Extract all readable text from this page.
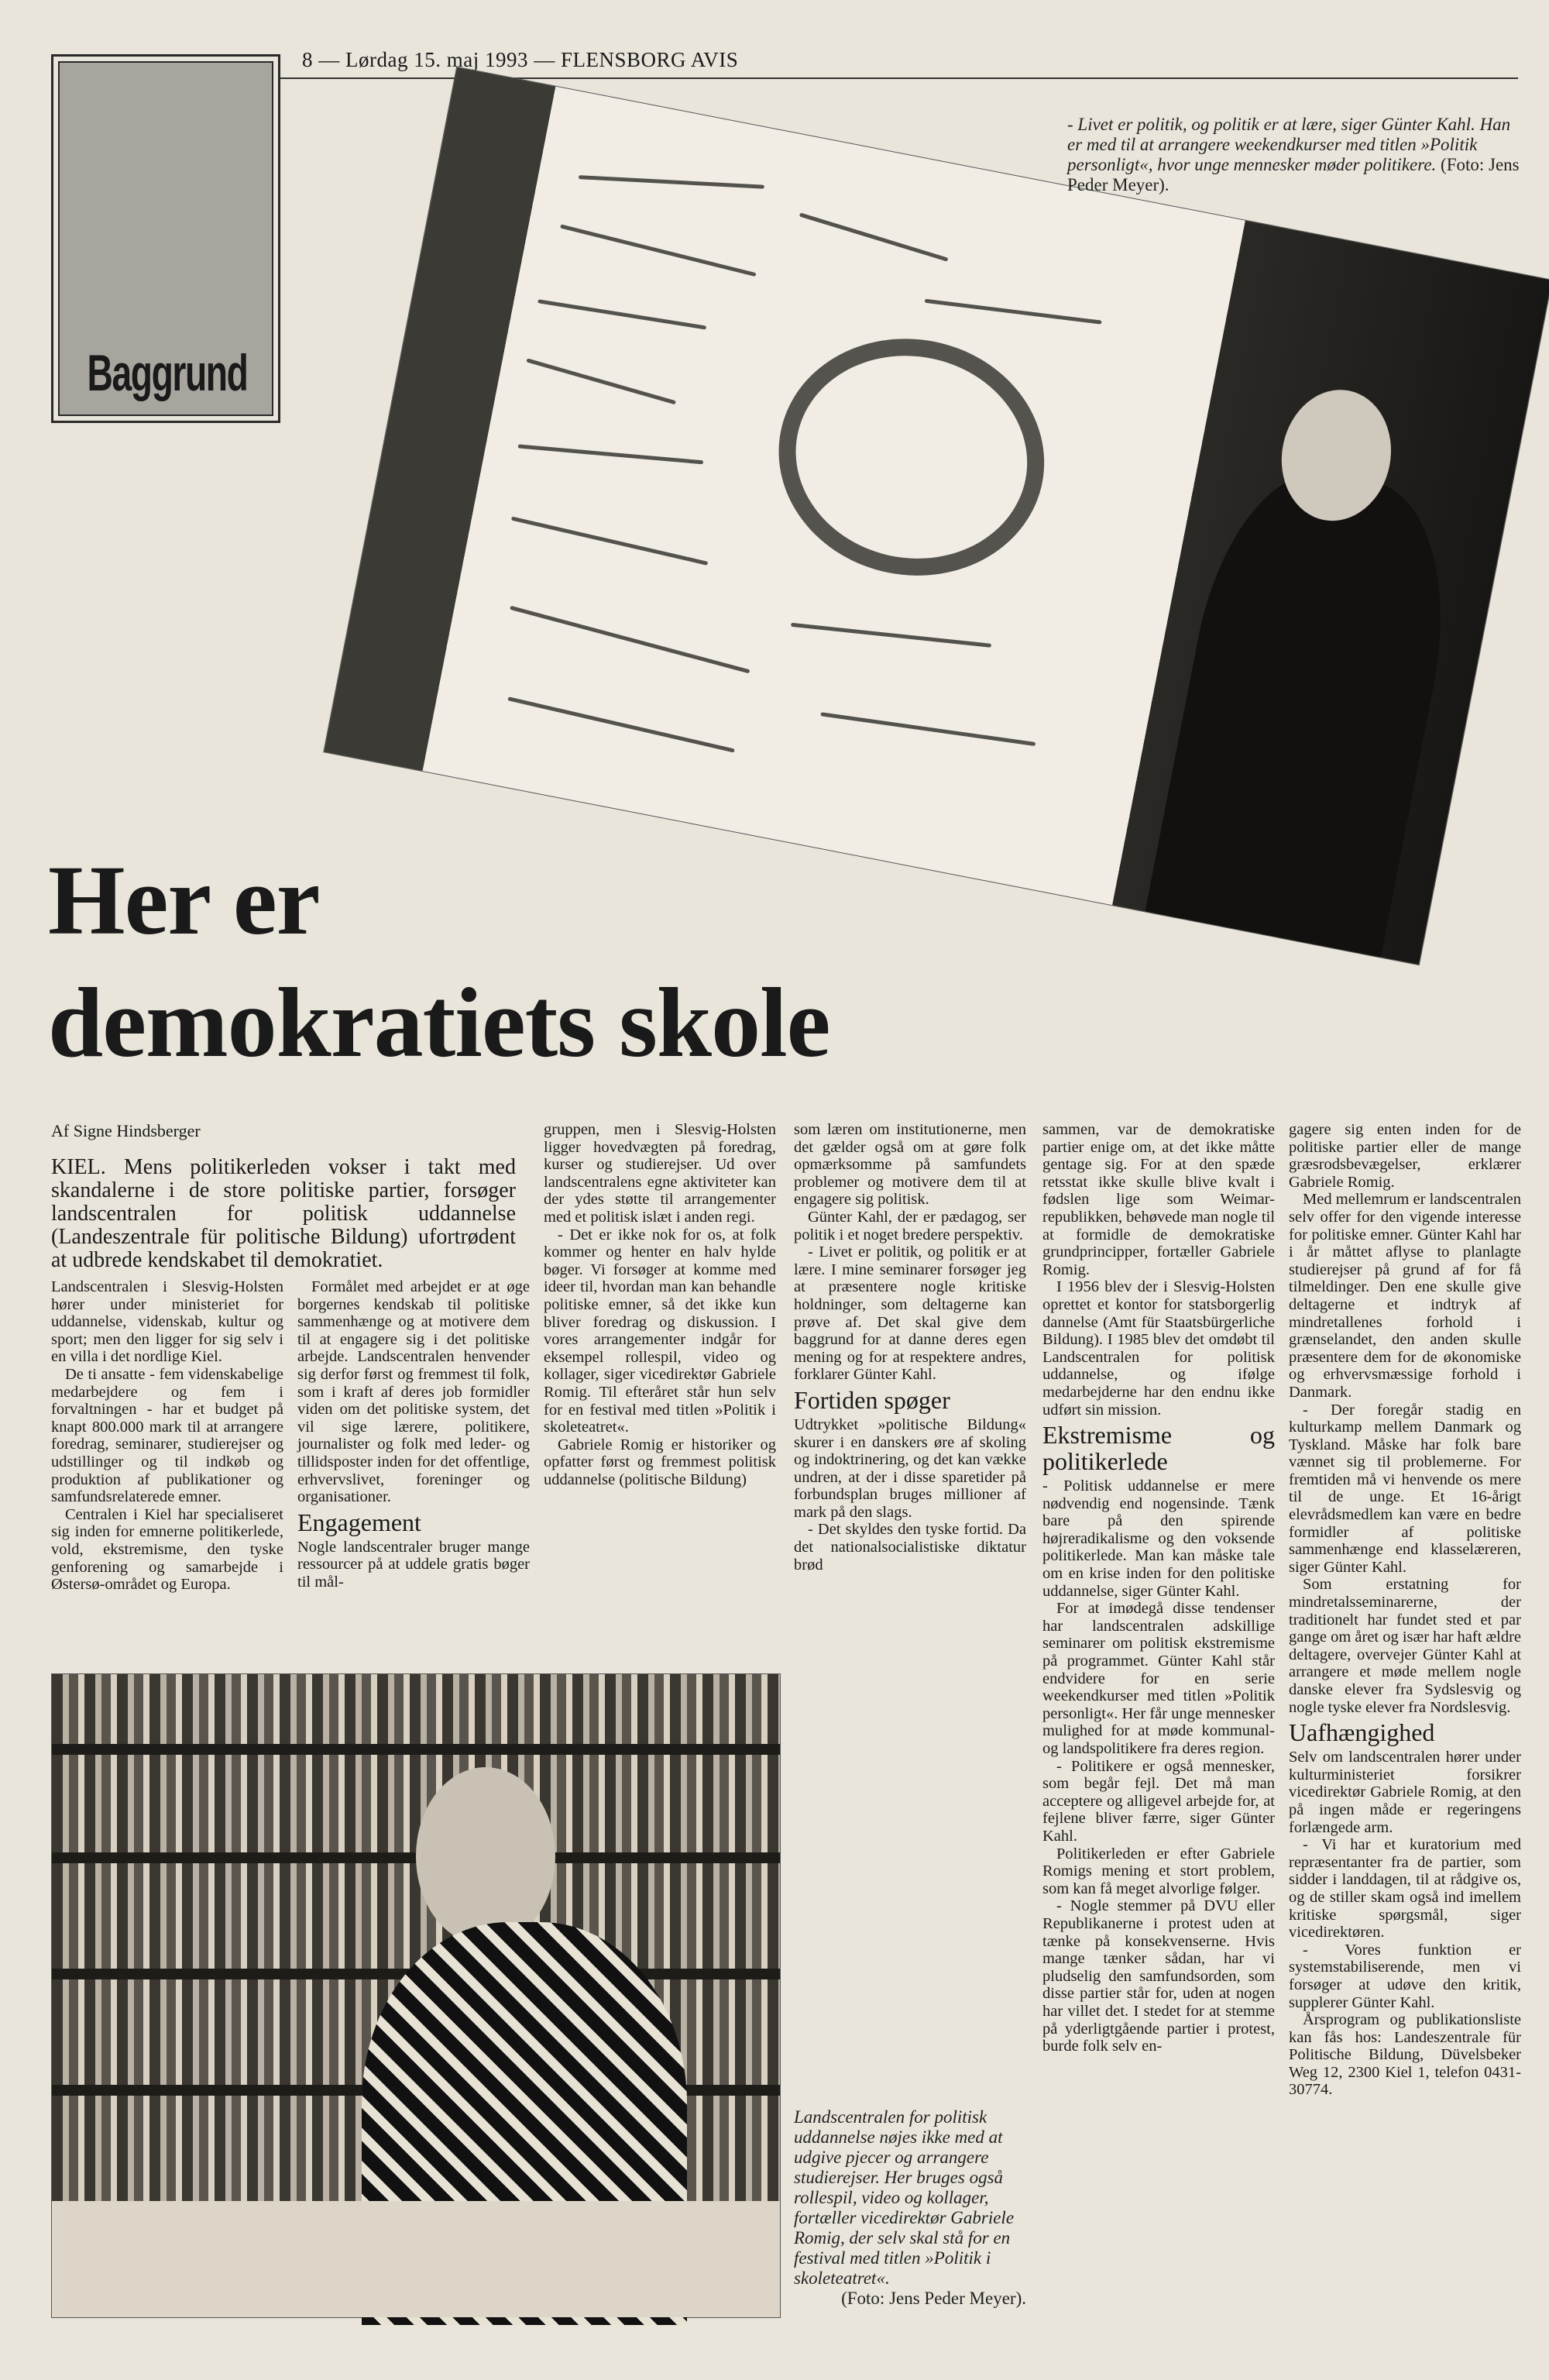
8 — Lørdag 15. maj 1993 — FLENSBORG AVIS
Baggrund
- Livet er politik, og politik er at lære, siger Günter Kahl. Han er med til at arrangere weekendkurser med titlen »Politik personligt«, hvor unge mennesker møder politikere. (Foto: Jens Peder Meyer).
Her er
demokratiets skole
Af Signe Hindsberger
KIEL. Mens politikerleden vokser i takt med skandalerne i de store politiske partier, forsøger landscentralen for politisk uddannelse (Landeszentrale für politische Bildung) ufortrødent at udbrede kendskabet til demokratiet.

Landscentralen i Slesvig-Holsten hører under ministeriet for uddannelse, videnskab, kultur og sport; men den ligger for sig selv i en villa i det nordlige Kiel.

De ti ansatte - fem videnskabelige medarbejdere og fem i forvaltningen - har et budget på knapt 800.000 mark til at arrangere foredrag, seminarer, studierejser og udstillinger og til indkøb og produktion af publikationer og samfundsrelaterede emner.

Centralen i Kiel har specialiseret sig inden for emnerne politikerlede, vold, ekstremisme, den tyske genforening og samarbejde i Østersø-området og Europa.

Formålet med arbejdet er at øge borgernes kendskab til politiske sammenhænge og at motivere dem til at engagere sig i det politiske arbejde. Landscentralen henvender sig derfor først og fremmest til folk, som i kraft af deres job formidler viden om det politiske system, det vil sige lærere, politikere, journalister og folk med leder- og tillidsposter inden for det offentlige, erhvervslivet, foreninger og organisationer.

Engagement

Nogle landscentraler bruger mange ressourcer på at uddele gratis bøger til mål-

gruppen, men i Slesvig-Holsten ligger hovedvægten på foredrag, kurser og studierejser. Ud over landscentralens egne aktiviteter kan der ydes støtte til arrangementer med et politisk islæt i anden regi.

- Det er ikke nok for os, at folk kommer og henter en halv hylde bøger. Vi forsøger at komme med ideer til, hvordan man kan behandle politiske emner, så det ikke kun bliver foredrag og diskussion. I vores arrangementer indgår for eksempel rollespil, video og kollager, siger vicedirektør Gabriele Romig. Til efteråret står hun selv for en festival med titlen »Politik i skoleteatret«.

Gabriele Romig er historiker og opfatter først og fremmest politisk uddannelse (politische Bildung)

som læren om institutionerne, men det gælder også om at gøre folk opmærksomme på samfundets problemer og motivere dem til at engagere sig politisk.

Günter Kahl, der er pædagog, ser politik i et noget bredere perspektiv.

- Livet er politik, og politik er at lære. I mine seminarer forsøger jeg at præsentere nogle kritiske holdninger, som deltagerne kan prøve af. Det skal give dem baggrund for at danne deres egen mening og for at respektere andres, forklarer Günter Kahl.

Fortiden spøger

Udtrykket »politische Bildung« skurer i en danskers øre af skoling og indoktrinering, og det kan vække undren, at der i disse sparetider på forbundsplan bruges millioner af mark på den slags.

- Det skyldes den tyske fortid. Da det nationalsocialistiske diktatur brød

Landscentralen for politisk uddannelse nøjes ikke med at udgive pjecer og arrangere studierejser. Her bruges også rollespil, video og kollager, fortæller vicedirektør Gabriele Romig, der selv skal stå for en festival med titlen »Politik i skoleteatret«.
(Foto: Jens Peder Meyer).

sammen, var de demokratiske partier enige om, at det ikke måtte gentage sig. For at den spæde retsstat ikke skulle blive kvalt i fødslen lige som Weimar-republikken, behøvede man nogle til at formidle de demokratiske grundprincipper, fortæller Gabriele Romig.

I 1956 blev der i Slesvig-Holsten oprettet et kontor for statsborgerlig dannelse (Amt für Staatsbürgerliche Bildung). I 1985 blev det omdøbt til Landscentralen for politisk uddannelse, og ifølge medarbejderne har den endnu ikke udført sin mission.

Ekstremisme og politikerlede

- Politisk uddannelse er mere nødvendig end nogensinde. Tænk bare på den spirende højreradikalisme og den voksende politikerlede. Man kan måske tale om en krise inden for den politiske uddannelse, siger Günter Kahl.

For at imødegå disse tendenser har landscentralen adskillige seminarer om politisk ekstremisme på programmet. Günter Kahl står endvidere for en serie weekendkurser med titlen »Politik personligt«. Her får unge mennesker mulighed for at møde kommunal- og landspolitikere fra deres region.

- Politikere er også mennesker, som begår fejl. Det må man acceptere og alligevel arbejde for, at fejlene bliver færre, siger Günter Kahl.

Politikerleden er efter Gabriele Romigs mening et stort problem, som kan få meget alvorlige følger.

- Nogle stemmer på DVU eller Republikanerne i protest uden at tænke på konsekvenserne. Hvis mange tænker sådan, har vi pludselig den samfundsorden, som disse partier står for, uden at nogen har villet det. I stedet for at stemme på yderligtgående partier i protest, burde folk selv en-

gagere sig enten inden for de politiske partier eller de mange græsrodsbevægelser, erklærer Gabriele Romig.

Med mellemrum er landscentralen selv offer for den vigende interesse for politiske emner. Günter Kahl har i år måttet aflyse to planlagte studierejser på grund af for få tilmeldinger. Den ene skulle give deltagerne et indtryk af mindretallenes forhold i grænselandet, den anden skulle præsentere dem for de økonomiske og erhvervsmæssige forhold i Danmark.

- Der foregår stadig en kulturkamp mellem Danmark og Tyskland. Måske har folk bare vænnet sig til problemerne. For fremtiden må vi henvende os mere til de unge. Et 16-årigt elevrådsmedlem kan være en bedre formidler af politiske sammenhænge end klasselæreren, siger Günter Kahl.

Som erstatning for mindretalsseminarerne, der traditionelt har fundet sted et par gange om året og især har haft ældre deltagere, overvejer Günter Kahl at arrangere et møde mellem nogle danske elever fra Sydslesvig og nogle tyske elever fra Nordslesvig.

Uafhængighed

Selv om landscentralen hører under kulturministeriet forsikrer vicedirektør Gabriele Romig, at den på ingen måde er regeringens forlængede arm.

- Vi har et kuratorium med repræsentanter fra de partier, som sidder i landdagen, til at rådgive os, og de stiller skam også ind imellem kritiske spørgsmål, siger vicedirektøren.

- Vores funktion er systemstabiliserende, men vi forsøger at udøve den kritik, supplerer Günter Kahl.

Årsprogram og publikationsliste kan fås hos: Landeszentrale für Politische Bildung, Düvelsbeker Weg 12, 2300 Kiel 1, telefon 0431-30774.
